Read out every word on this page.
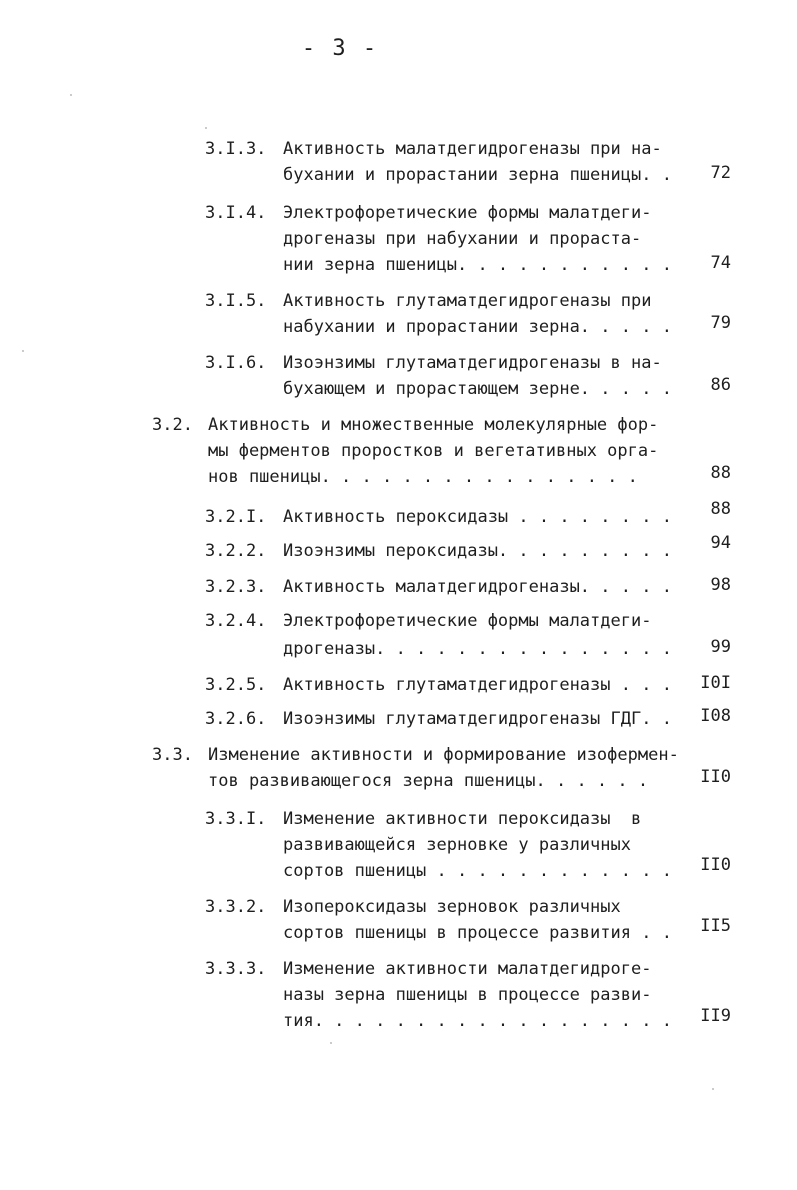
- 3 -
3.I.3. Активность малатдегидрогеназы при на-
бухании и прорастании зерна пшеницы. .	72
3.I.4. Электрофоретические формы малатдеги-
дрогеназы при набухании и прораста-
нии зерна пшеницы. . . . . . . . . . .	74
3.I.5. Активность глутаматдегидрогеназы при
набухании и прорастании зерна. . . . .	79
3.I.6. Изоэнзимы глутаматдегидрогеназы в на-
бухающем и прорастающем зерне. . . . .	86
3.2. Активность и множественные молекулярные фор-
мы ферментов проростков и вегетативных орга-
нов пшеницы. . . . . . . . . . . . . . . .	88
3.2.I. Активность пероксидазы . . . . . . . .	88
3.2.2. Изоэнзимы пероксидазы. . . . . . . . .	94
3.2.3. Активность малатдегидрогеназы. . . . .	98
3.2.4. Электрофоретические формы малатдеги-
дрогеназы. . . . . . . . . . . . . . .	99
3.2.5. Активность глутаматдегидрогеназы . . .	I0I
3.2.6. Изоэнзимы глутаматдегидрогеназы ГДГ. .	I08
3.3. Изменение активности и формирование изофермен-
тов развивающегося зерна пшеницы. . . . . .	II0
3.3.I. Изменение активности пероксидазы  в
развивающейся зерновке у различных
сортов пшеницы . . . . . . . . . . . .	II0
3.3.2. Изопероксидазы зерновок различных
сортов пшеницы в процессе развития . .	II5
3.3.3. Изменение активности малатдегидроге-
назы зерна пшеницы в процессе разви-
тия. . . . . . . . . . . . . . . . . .	II9
